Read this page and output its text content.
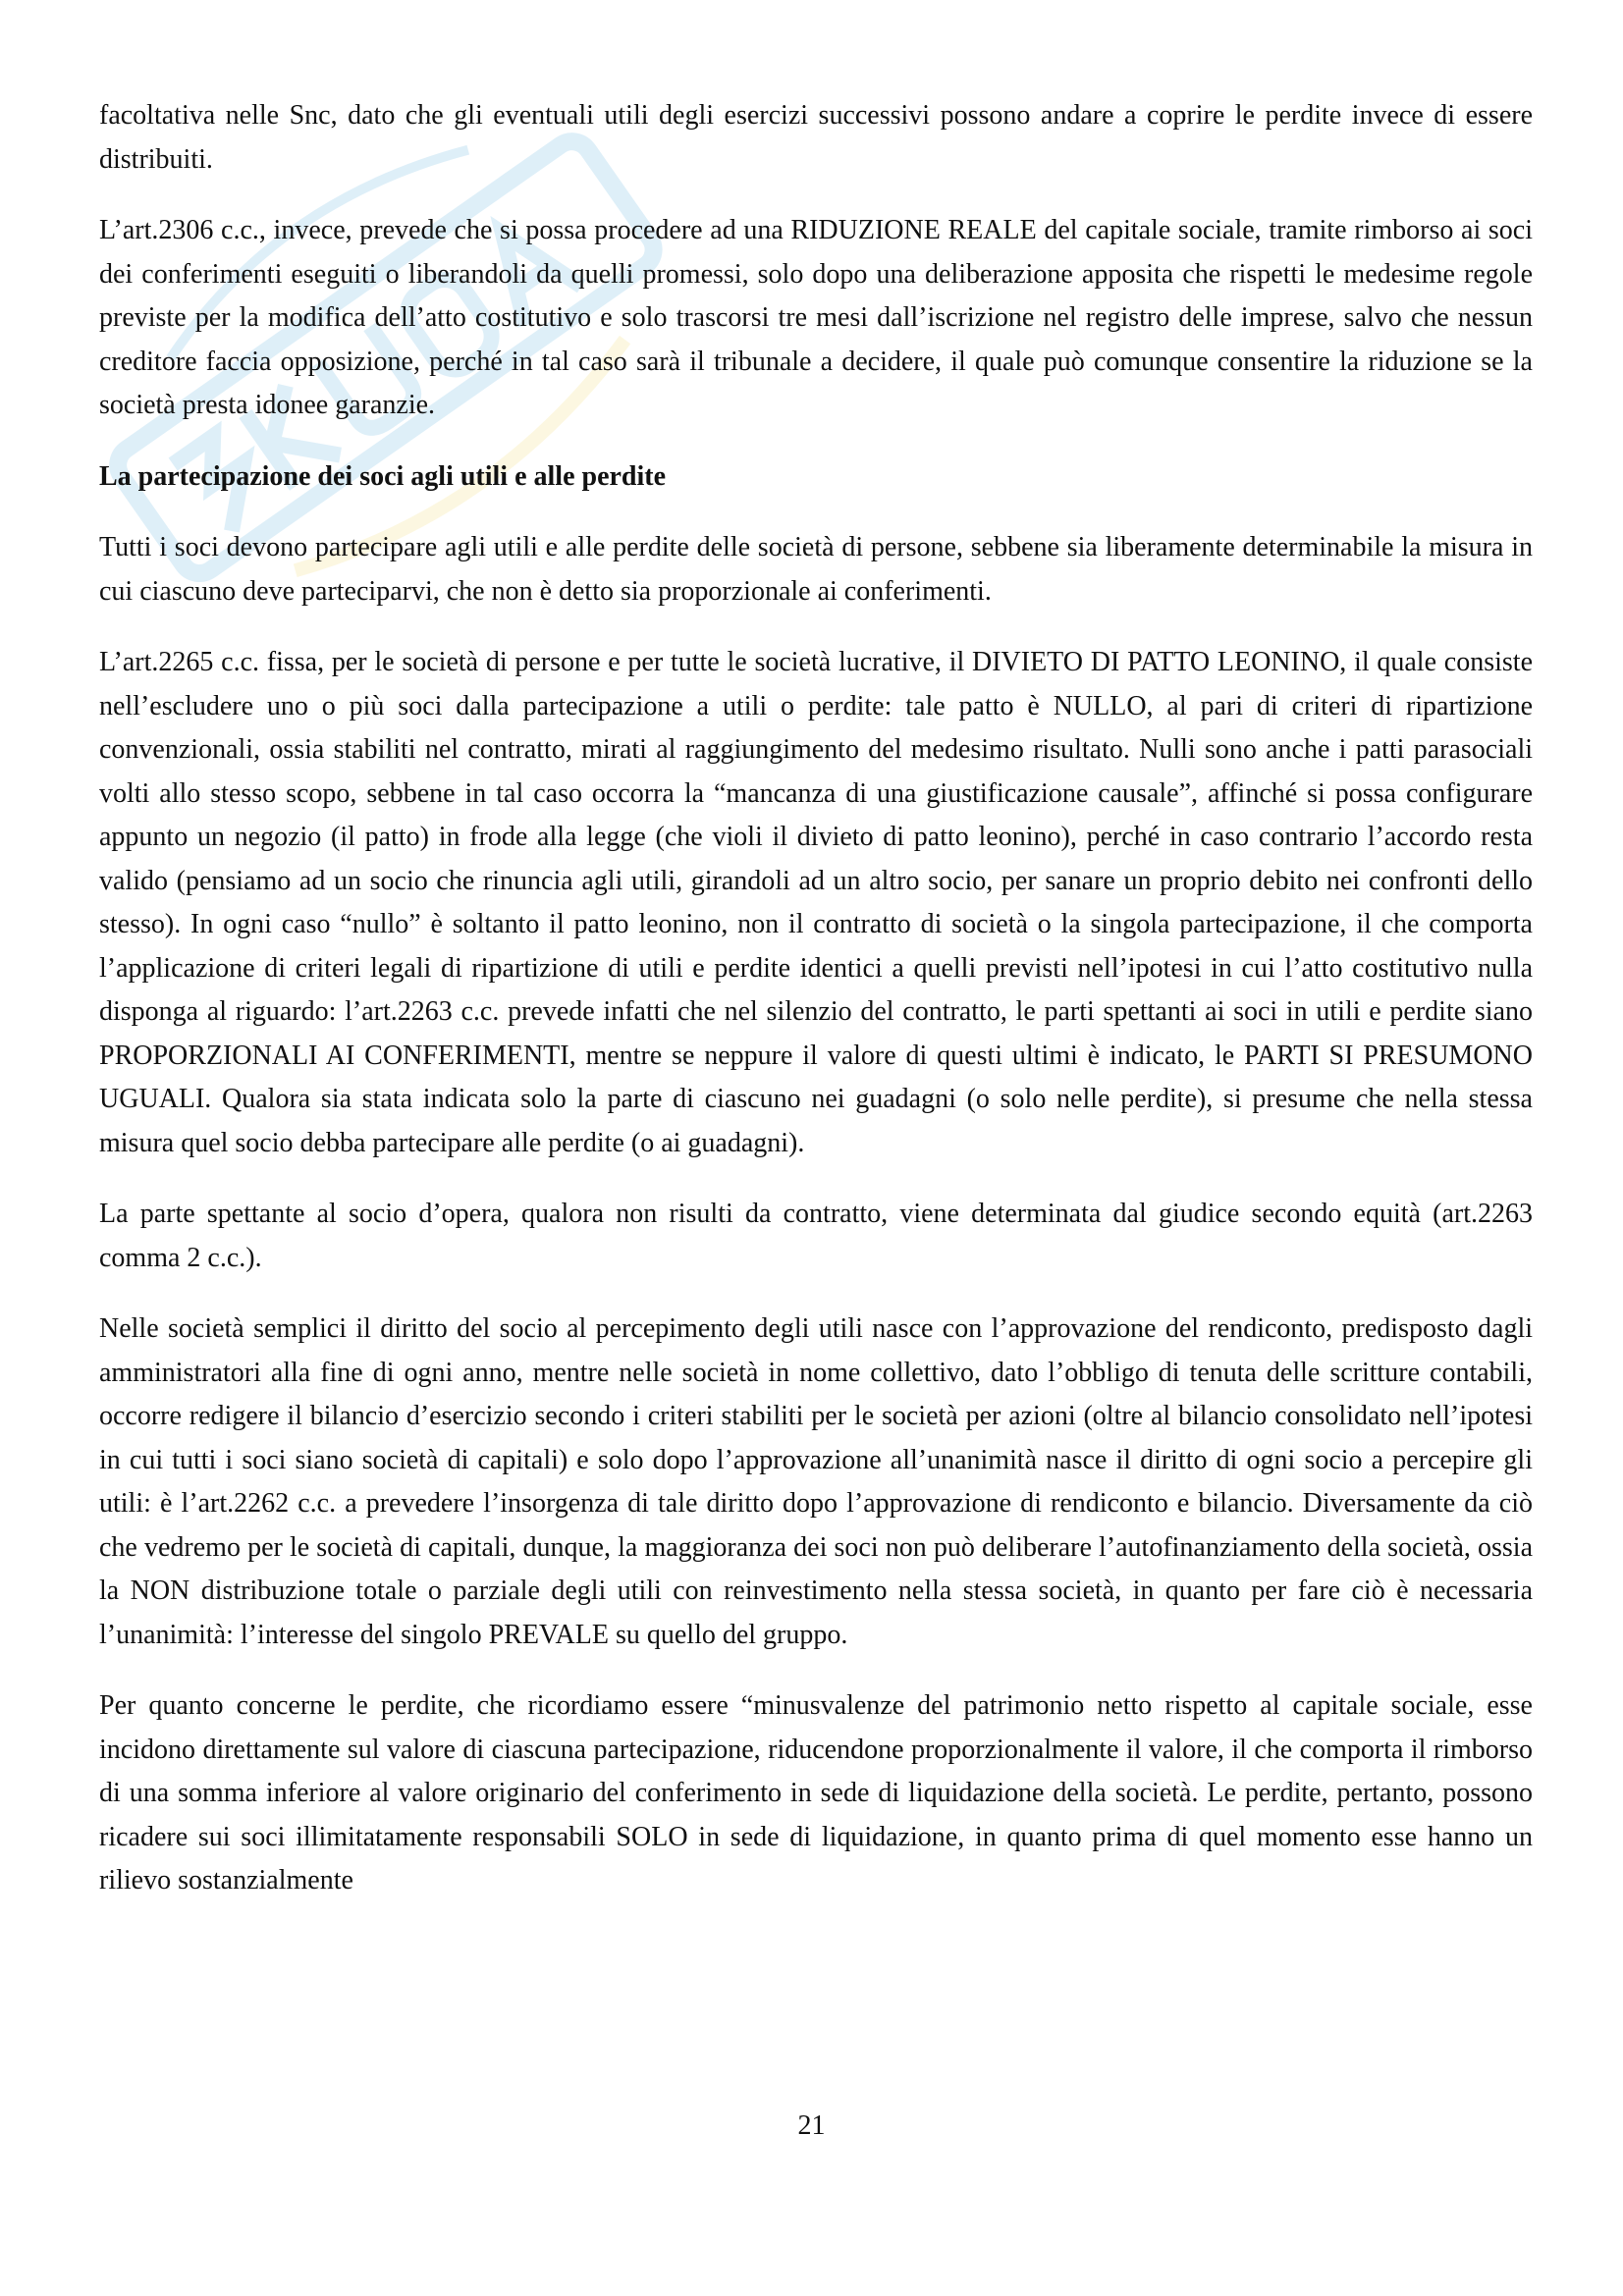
facoltativa nelle Snc, dato che gli eventuali utili degli esercizi successivi possono andare a coprire le perdite invece di essere distribuiti.

L’art.2306 c.c., invece, prevede che si possa procedere ad una RIDUZIONE REALE del capitale sociale, tramite rimborso ai soci dei conferimenti eseguiti o liberandoli da quelli promessi, solo dopo una deliberazione apposita che rispetti le medesime regole previste per la modifica dell’atto costitutivo e solo trascorsi tre mesi dall’iscrizione nel registro delle imprese, salvo che nessun creditore faccia opposizione, perché in tal caso sarà il tribunale a decidere, il quale può comunque consentire la riduzione se la società presta idonee garanzie.

La partecipazione dei soci agli utili e alle perdite

Tutti i soci devono partecipare agli utili e alle perdite delle società di persone, sebbene sia liberamente determinabile la misura in cui ciascuno deve parteciparvi, che non è detto sia proporzionale ai conferimenti.

L’art.2265 c.c. fissa, per le società di persone e per tutte le società lucrative, il DIVIETO DI PATTO LEONINO, il quale consiste nell’escludere uno o più soci dalla partecipazione a utili o perdite: tale patto è NULLO, al pari di criteri di ripartizione convenzionali, ossia stabiliti nel contratto, mirati al raggiungimento del medesimo risultato. Nulli sono anche i patti parasociali volti allo stesso scopo, sebbene in tal caso occorra la “mancanza di una giustificazione causale”, affinché si possa configurare appunto un negozio (il patto) in frode alla legge (che violi il divieto di patto leonino), perché in caso contrario l’accordo resta valido (pensiamo ad un socio che rinuncia agli utili, girandoli ad un altro socio, per sanare un proprio debito nei confronti dello stesso). In ogni caso “nullo” è soltanto il patto leonino, non il contratto di società o la singola partecipazione, il che comporta l’applicazione di criteri legali di ripartizione di utili e perdite identici a quelli previsti nell’ipotesi in cui l’atto costitutivo nulla disponga al riguardo: l’art.2263 c.c. prevede infatti che nel silenzio del contratto, le parti spettanti ai soci in utili e perdite siano PROPORZIONALI AI CONFERIMENTI, mentre se neppure il valore di questi ultimi è indicato, le PARTI SI PRESUMONO UGUALI. Qualora sia stata indicata solo la parte di ciascuno nei guadagni (o solo nelle perdite), si presume che nella stessa misura quel socio debba partecipare alle perdite (o ai guadagni).

La parte spettante al socio d’opera, qualora non risulti da contratto, viene determinata dal giudice secondo equità (art.2263 comma 2 c.c.).

Nelle società semplici il diritto del socio al percepimento degli utili nasce con l’approvazione del rendiconto, predisposto dagli amministratori alla fine di ogni anno, mentre nelle società in nome collettivo, dato l’obbligo di tenuta delle scritture contabili, occorre redigere il bilancio d’esercizio secondo i criteri stabiliti per le società per azioni (oltre al bilancio consolidato nell’ipotesi in cui tutti i soci siano società di capitali) e solo dopo l’approvazione all’unanimità nasce il diritto di ogni socio a percepire gli utili: è l’art.2262 c.c. a prevedere l’insorgenza di tale diritto dopo l’approvazione di rendiconto e bilancio. Diversamente da ciò che vedremo per le società di capitali, dunque, la maggioranza dei soci non può deliberare l’autofinanziamento della società, ossia la NON distribuzione totale o parziale degli utili con reinvestimento nella stessa società, in quanto per fare ciò è necessaria l’unanimità: l’interesse del singolo PREVALE su quello del gruppo.

Per quanto concerne le perdite, che ricordiamo essere “minusvalenze del patrimonio netto rispetto al capitale sociale, esse incidono direttamente sul valore di ciascuna partecipazione, riducendone proporzionalmente il valore, il che comporta il rimborso di una somma inferiore al valore originario del conferimento in sede di liquidazione della società. Le perdite, pertanto, possono ricadere sui soci illimitatamente responsabili SOLO in sede di liquidazione, in quanto prima di quel momento esse hanno un rilievo sostanzialmente

21
